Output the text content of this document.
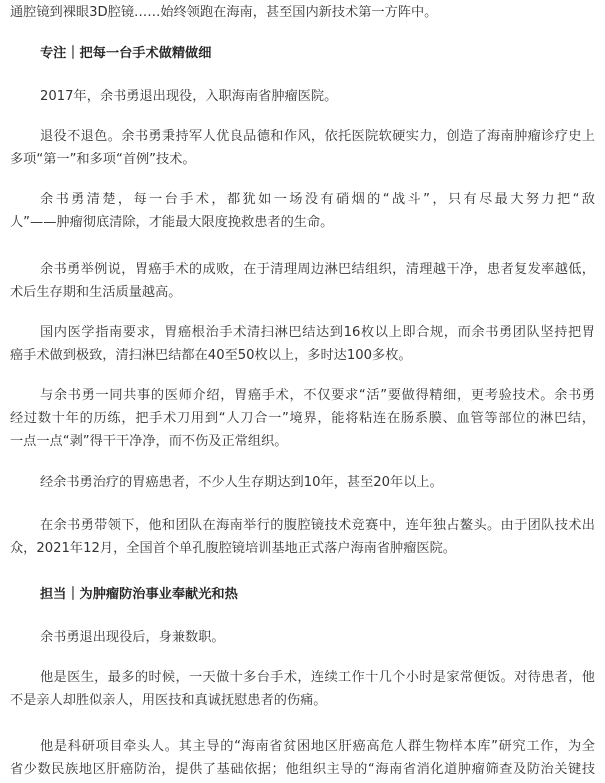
通腔镜到裸眼3D腔镜……始终领跑在海南，甚至国内新技术第一方阵中。
专注｜把每一台手术做精做细
2017年，余书勇退出现役，入职海南省肿瘤医院。
退役不退色。余书勇秉持军人优良品德和作风，依托医院软硬实力，创造了海南肿瘤诊疗史上
多项“第一”和多项“首例”技术。
余书勇清楚，每一台手术，都犹如一场没有硝烟的“战斗”，只有尽最大努力把“敌
人”——肿瘤彻底清除，才能最大限度挽救患者的生命。
余书勇举例说，胃癌手术的成败，在于清理周边淋巴结组织，清理越干净，患者复发率越低，
术后生存期和生活质量越高。
国内医学指南要求，胃癌根治手术清扫淋巴结达到16枚以上即合规，而余书勇团队坚持把胃
癌手术做到极致，清扫淋巴结都在40至50枚以上，多时达100多枚。
与余书勇一同共事的医师介绍，胃癌手术，不仅要求“活”要做得精细，更考验技术。余书勇
经过数十年的历练，把手术刀用到“人刀合一”境界，能将粘连在肠系膜、血管等部位的淋巴结，
一点一点“剥”得干干净净，而不伤及正常组织。
经余书勇治疗的胃癌患者，不少人生存期达到10年，甚至20年以上。
在余书勇带领下，他和团队在海南举行的腹腔镜技术竞赛中，连年独占鳌头。由于团队技术出
众，2021年12月，全国首个单孔腹腔镜培训基地正式落户海南省肿瘤医院。
担当｜为肿瘤防治事业奉献光和热
余书勇退出现役后，身兼数职。
他是医生，最多的时候，一天做十多台手术，连续工作十几个小时是家常便饭。对待患者，他
不是亲人却胜似亲人，用医技和真诚抚慰患者的伤痛。
他是科研项目牵头人。其主导的“海南省贫困地区肝癌高危人群生物样本库”研究工作，为全
省少数民族地区肝癌防治，提供了基础依据；他组织主导的“海南省消化道肿瘤筛查及防治关键技
